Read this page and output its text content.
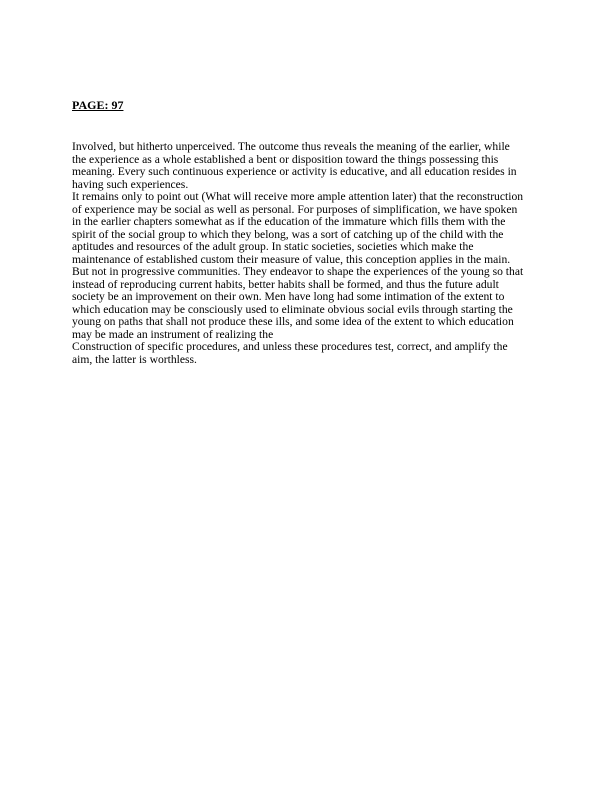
PAGE: 97
Involved, but hitherto unperceived. The outcome thus reveals the meaning of the earlier, while
the experience as a whole established a bent or disposition toward the things possessing this
meaning. Every such continuous experience or activity is educative, and all education resides in
having such experiences.
It remains only to point out (What will receive more ample attention later) that the reconstruction
of experience may be social as well as personal. For purposes of simplification, we have spoken
in the earlier chapters somewhat as if the education of the immature which fills them with the
spirit of the social group to which they belong, was a sort of catching up of the child with the
aptitudes and resources of the adult group. In static societies, societies which make the
maintenance of established custom their measure of value, this conception applies in the main.
But not in progressive communities. They endeavor to shape the experiences of the young so that
instead of reproducing current habits, better habits shall be formed, and thus the future adult
society be an improvement on their own. Men have long had some intimation of the extent to
which education may be consciously used to eliminate obvious social evils through starting the
young on paths that shall not produce these ills, and some idea of the extent to which education
may be made an instrument of realizing the
Construction of specific procedures, and unless these procedures test, correct, and amplify the
aim, the latter is worthless.
